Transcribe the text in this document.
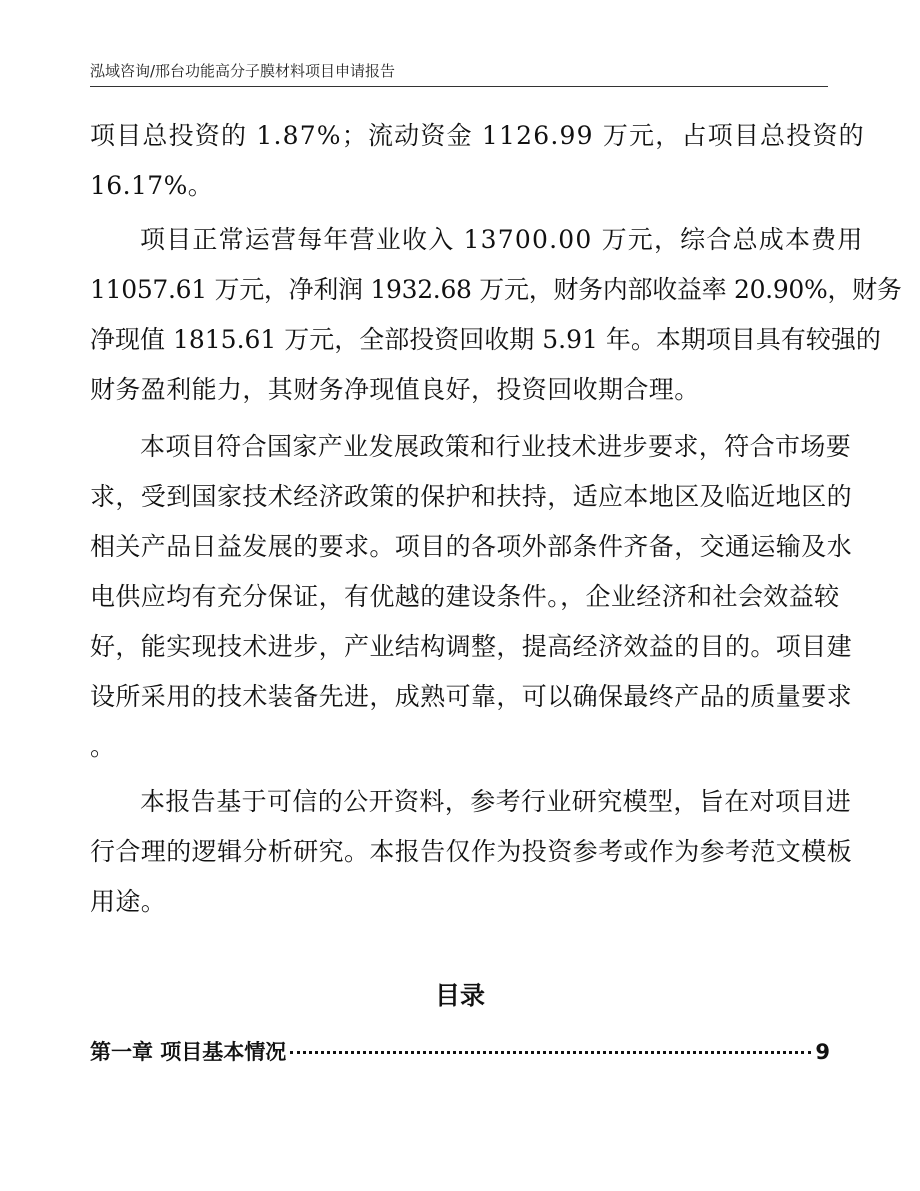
泓域咨询/邢台功能高分子膜材料项目申请报告
项目总投资的 1.87%；流动资金 1126.99 万元，占项目总投资的
16.17%。
项目正常运营每年营业收入 13700.00 万元，综合总成本费用
11057.61 万元，净利润 1932.68 万元，财务内部收益率 20.90%，财务
净现值 1815.61 万元，全部投资回收期 5.91 年。本期项目具有较强的
财务盈利能力，其财务净现值良好，投资回收期合理。
本项目符合国家产业发展政策和行业技术进步要求，符合市场要
求，受到国家技术经济政策的保护和扶持，适应本地区及临近地区的
相关产品日益发展的要求。项目的各项外部条件齐备，交通运输及水
电供应均有充分保证，有优越的建设条件。，企业经济和社会效益较
好，能实现技术进步，产业结构调整，提高经济效益的目的。项目建
设所采用的技术装备先进，成熟可靠，可以确保最终产品的质量要求
。
本报告基于可信的公开资料，参考行业研究模型，旨在对项目进
行合理的逻辑分析研究。本报告仅作为投资参考或作为参考范文模板
用途。
目录
第一章 项目基本情况	9
